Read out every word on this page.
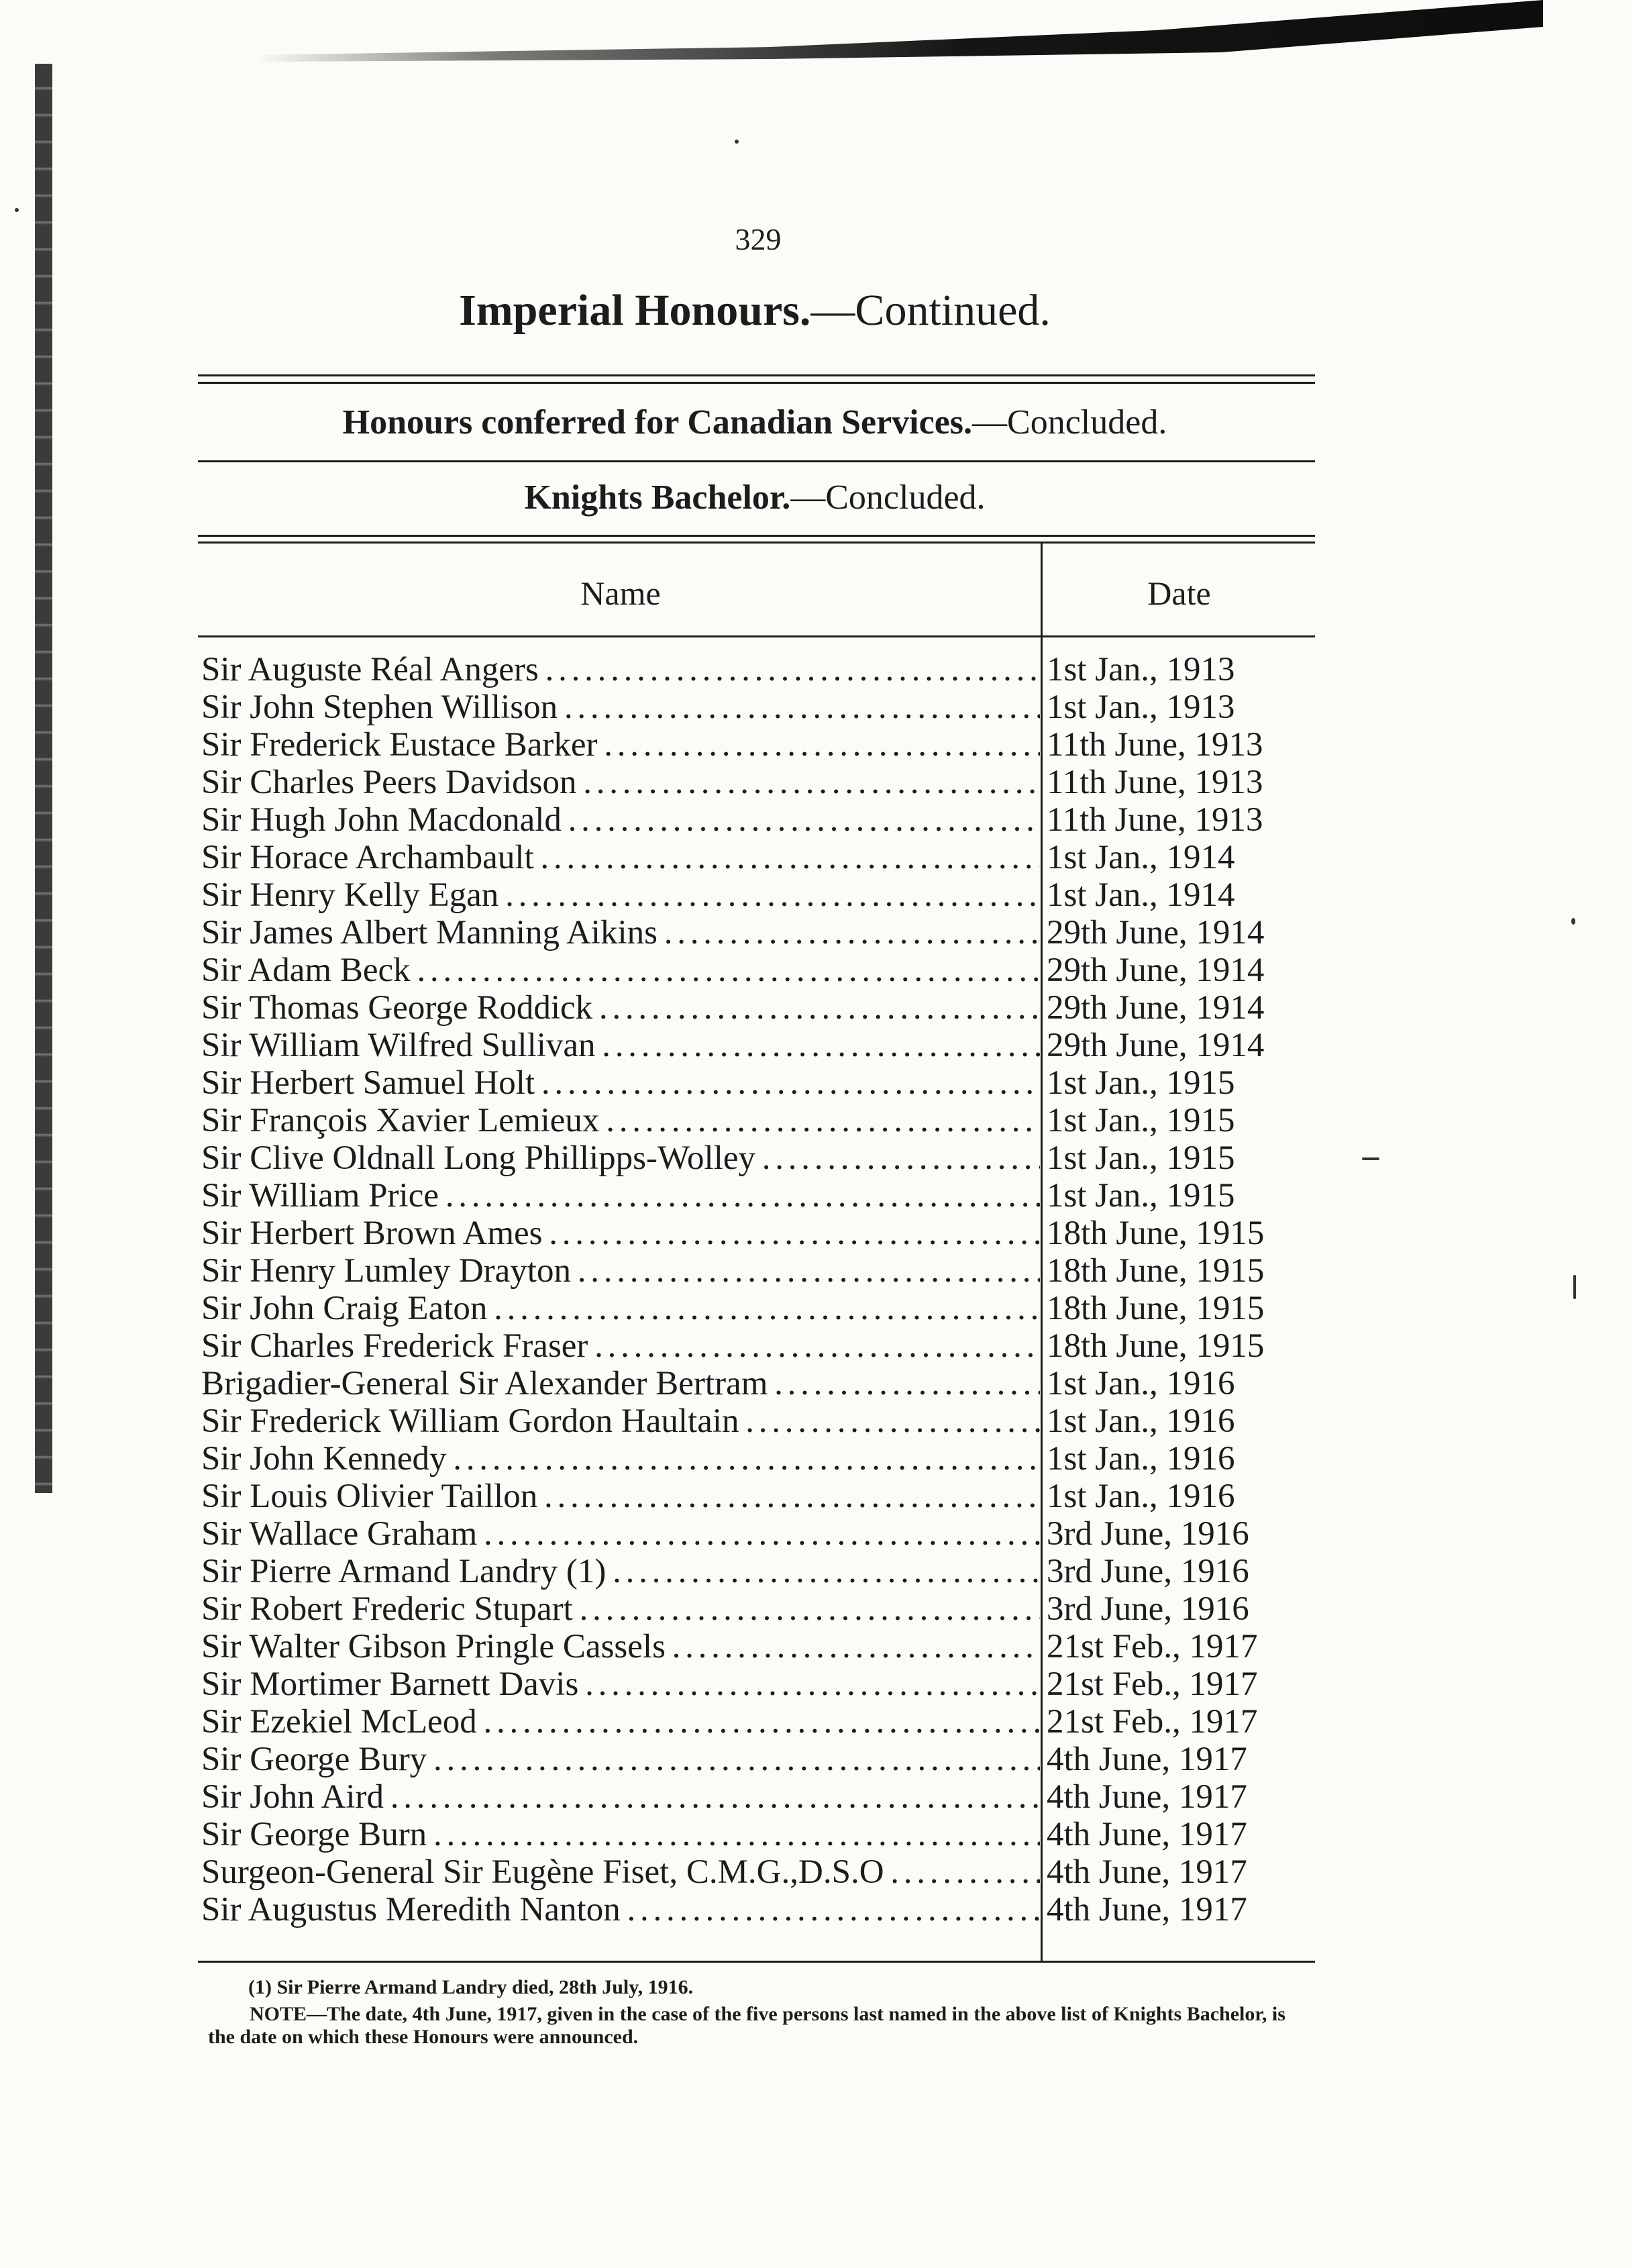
329
Imperial Honours.—Continued.
Honours conferred for Canadian Services.—Concluded.
Knights Bachelor.—Concluded.
Name	Date
Sir Auguste Réal Angers . . .	1st Jan., 1913
Sir John Stephen Willison . . .	1st Jan., 1913
Sir Frederick Eustace Barker . . .	11th June, 1913
Sir Charles Peers Davidson . . .	11th June, 1913
Sir Hugh John Macdonald . . .	11th June, 1913
Sir Horace Archambault . . .	1st Jan., 1914
Sir Henry Kelly Egan . . .	1st Jan., 1914
Sir James Albert Manning Aikins . . .	29th June, 1914
Sir Adam Beck . . .	29th June, 1914
Sir Thomas George Roddick . . .	29th June, 1914
Sir William Wilfred Sullivan . . .	29th June, 1914
Sir Herbert Samuel Holt . . .	1st Jan., 1915
Sir François Xavier Lemieux . . .	1st Jan., 1915
Sir Clive Oldnall Long Phillipps-Wolley . . .	1st Jan., 1915
Sir William Price . . .	1st Jan., 1915
Sir Herbert Brown Ames . . .	18th June, 1915
Sir Henry Lumley Drayton . . .	18th June, 1915
Sir John Craig Eaton . . .	18th June, 1915
Sir Charles Frederick Fraser . . .	18th June, 1915
Brigadier-General Sir Alexander Bertram . . .	1st Jan., 1916
Sir Frederick William Gordon Haultain . . .	1st Jan., 1916
Sir John Kennedy . . .	1st Jan., 1916
Sir Louis Olivier Taillon . . .	1st Jan., 1916
Sir Wallace Graham . . .	3rd June, 1916
Sir Pierre Armand Landry (1) . . .	3rd June, 1916
Sir Robert Frederic Stupart . . .	3rd June, 1916
Sir Walter Gibson Pringle Cassels . . .	21st Feb., 1917
Sir Mortimer Barnett Davis . . .	21st Feb., 1917
Sir Ezekiel McLeod . . .	21st Feb., 1917
Sir George Bury . . .	4th June, 1917
Sir John Aird . . .	4th June, 1917
Sir George Burn . . .	4th June, 1917
Surgeon-General Sir Eugène Fiset, C.M.G.,D.S.O . . .	4th June, 1917
Sir Augustus Meredith Nanton . . .	4th June, 1917
(1) Sir Pierre Armand Landry died, 28th July, 1916.
NOTE—The date, 4th June, 1917, given in the case of the five persons last named in the above list of Knights Bachelor, is the date on which these Honours were announced.
